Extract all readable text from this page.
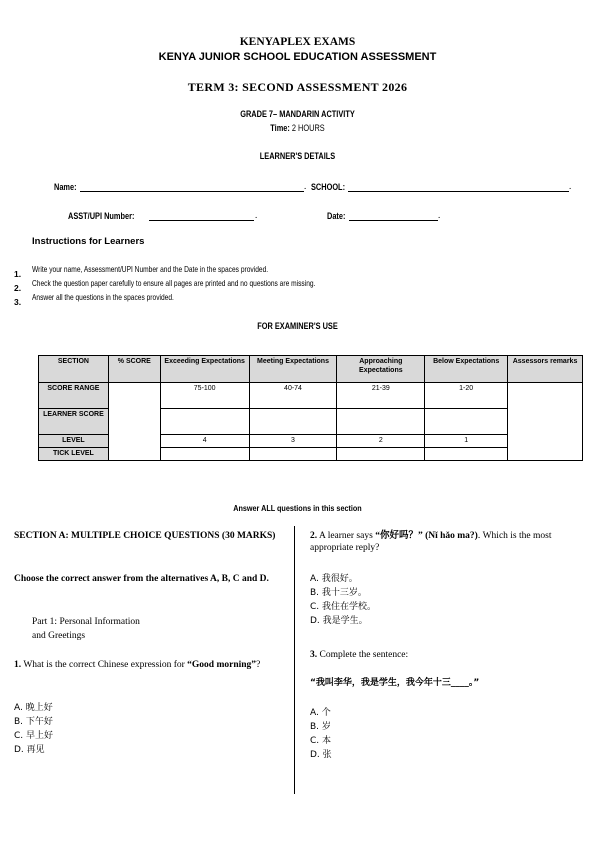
KENYAPLEX EXAMS
KENYA JUNIOR SCHOOL EDUCATION ASSESSMENT
TERM 3: SECOND ASSESSMENT 2026
GRADE 7– MANDARIN ACTIVITY
Time: 2 HOURS
LEARNER'S DETAILS
Name:	. SCHOOL:	.
ASST/UPI Number:	.	Date:	.
Instructions for Learners
1. Write your name, Assessment/UPI Number and the Date in the spaces provided.
2. Check the question paper carefully to ensure all pages are printed and no questions are missing.
3. Answer all the questions in the spaces provided.
FOR EXAMINER'S USE
SECTION	% SCORE	Exceeding Expectations	Meeting Expectations	Approaching Expectations	Below Expectations	Assessors remarks
SCORE RANGE		75-100	40-74	21-39	1-20	
LEARNER SCORE						
LEVEL		4	3	2	1	
TICK LEVEL						
Answer ALL questions in this section
SECTION A: MULTIPLE CHOICE QUESTIONS (30 MARKS)
Choose the correct answer from the alternatives A, B, C and D.
Part 1: Personal Information
and Greetings
1. What is the correct Chinese expression for “Good morning”?
A. 晚上好
B. 下午好
C. 早上好
D. 再见
2. A learner says “你好吗？” (Nǐ hǎo ma?). Which is the most appropriate reply?
A. 我很好。
B. 我十三岁。
C. 我住在学校。
D. 我是学生。
3. Complete the sentence:
“我叫李华，我是学生，我今年十三____。”
A. 个
B. 岁
C. 本
D. 张
